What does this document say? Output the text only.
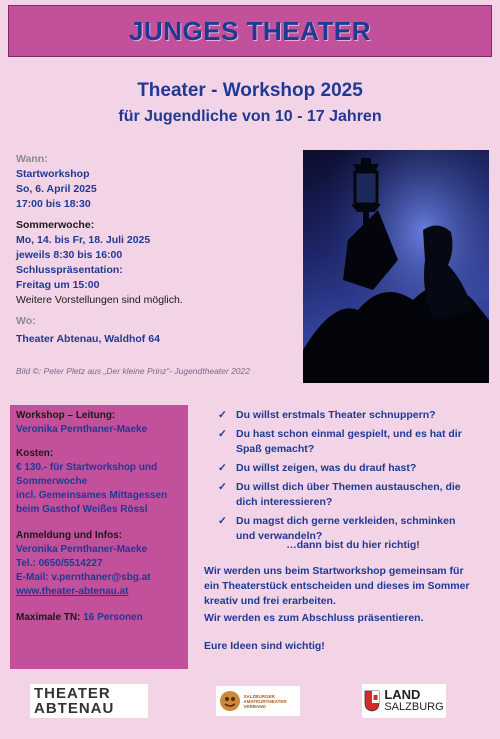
JUNGES THEATER
Theater - Workshop 2025
für Jugendliche von 10 - 17 Jahren
Wann:
Startworkshop
So, 6. April 2025
17:00 bis 18:30
Sommerwoche:
Mo, 14. bis Fr, 18. Juli 2025
jeweils 8:30 bis 16:00
Schlusspräsentation:
Freitag um 15:00
Weitere Vorstellungen sind möglich.
Wo:
Theater Abtenau, Waldhof 64
Bild ©: Peter Pletz aus „Der kleine Prinz“- Jugendtheater 2022
Workshop – Leitung:
Veronika Pernthaner-Maeke
Kosten:
€ 130.- für Startworkshop und
Sommerwoche
incl. Gemeinsames Mittagessen
beim Gasthof Weißes Rössl
Anmeldung und Infos:
Veronika Pernthaner-Maeke
Tel.: 0650/5514227
E-Mail: v.pernthaner@sbg.at
www.theater-abtenau.at
Maximale TN: 16 Personen
✓ Du willst erstmals Theater schnuppern?
✓ Du hast schon einmal gespielt, und es hat dir
Spaß gemacht?
✓ Du willst zeigen, was du drauf hast?
✓ Du willst dich über Themen austauschen, die
dich interessieren?
✓ Du magst dich gerne verkleiden, schminken
und verwandeln?
…dann bist du hier richtig!
Wir werden uns beim Startworkshop gemeinsam für
ein Theaterstück entscheiden und dieses im Sommer
kreativ und frei erarbeiten.
Wir werden es zum Abschluss präsentieren.
Eure Ideen sind wichtig!
THEATER
ABTENAU
SALZBURGER AMATEURTHEATER VERBAND
LAND
SALZBURG
